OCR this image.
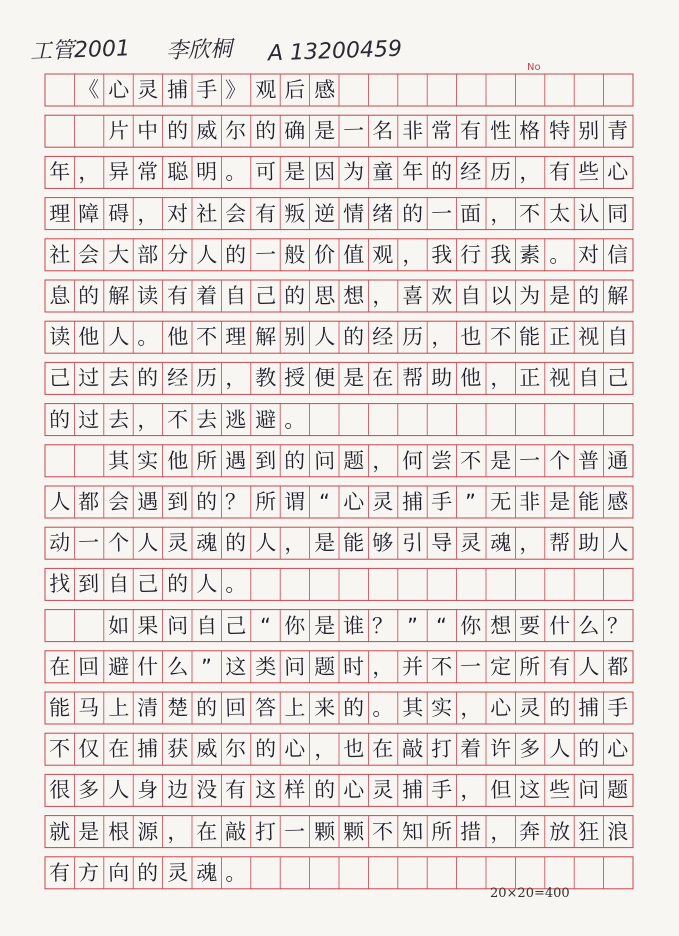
工管2001 李欣桐 A 13200459
No
《 心 灵 捕 手 》 观 后 感
片 中 的 威 尔 的 确 是 一 名 非 常 有 性 格 特 别 青
年 ， 异 常 聪 明 。 可 是 因 为 童 年 的 经 历 ， 有 些 心
理 障 碍 ， 对 社 会 有 叛 逆 情 绪 的 一 面 ， 不 太 认 同
社 会 大 部 分 人 的 一 般 价 值 观 ， 我 行 我 素 。 对 信
息 的 解 读 有 着 自 己 的 思 想 ， 喜 欢 自 以 为 是 的 解
读 他 人 。 他 不 理 解 别 人 的 经 历 ， 也 不 能 正 视 自
己 过 去 的 经 历 ， 教 授 便 是 在 帮 助 他 ， 正 视 自 己
的 过 去 ， 不 去 逃 避 。
其 实 他 所 遇 到 的 问 题 ， 何 尝 不 是 一 个 普 通
人 都 会 遇 到 的 ？ 所 谓 “ 心 灵 捕 手 ” 无 非 是 能 感
动 一 个 人 灵 魂 的 人 ， 是 能 够 引 导 灵 魂 ， 帮 助 人
找 到 自 己 的 人 。
如 果 问 自 己 “ 你 是 谁 ？ ” “ 你 想 要 什 么 ？
在 回 避 什 么 ” 这 类 问 题 时 ， 并 不 一 定 所 有 人 都
能 马 上 清 楚 的 回 答 上 来 的 。 其 实 ， 心 灵 的 捕 手
不 仅 在 捕 获 威 尔 的 心 ， 也 在 敲 打 着 许 多 人 的 心
很 多 人 身 边 没 有 这 样 的 心 灵 捕 手 ， 但 这 些 问 题
就 是 根 源 ， 在 敲 打 一 颗 颗 不 知 所 措 ， 奔 放 狂 浪
有 方 向 的 灵 魂 。
20×20=400
